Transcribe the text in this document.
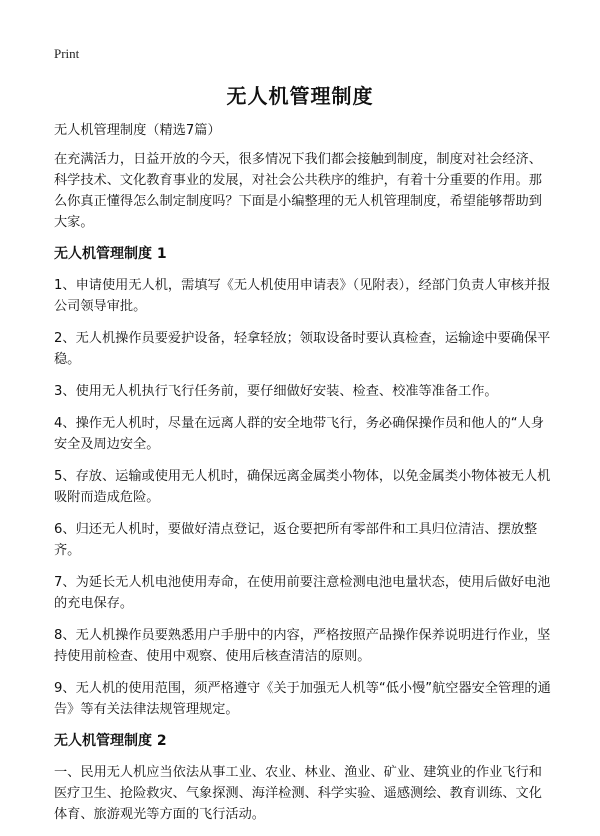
Print
无人机管理制度

无人机管理制度（精选7篇）

在充满活力，日益开放的今天，很多情况下我们都会接触到制度，制度对社会经济、科学技术、文化教育事业的发展，对社会公共秩序的维护，有着十分重要的作用。那么你真正懂得怎么制定制度吗？下面是小编整理的无人机管理制度，希望能够帮助到大家。

无人机管理制度 1

1、申请使用无人机，需填写《无人机使用申请表》（见附表），经部门负责人审核并报公司领导审批。

2、无人机操作员要爱护设备，轻拿轻放；领取设备时要认真检查，运输途中要确保平稳。

3、使用无人机执行飞行任务前，要仔细做好安装、检查、校准等准备工作。

4、操作无人机时，尽量在远离人群的安全地带飞行，务必确保操作员和他人的“人身安全及周边安全。

5、存放、运输或使用无人机时，确保远离金属类小物体，以免金属类小物体被无人机吸附而造成危险。

6、归还无人机时，要做好清点登记，返仓要把所有零部件和工具归位清洁、摆放整齐。

7、为延长无人机电池使用寿命，在使用前要注意检测电池电量状态，使用后做好电池的充电保存。

8、无人机操作员要熟悉用户手册中的内容，严格按照产品操作保养说明进行作业，坚持使用前检查、使用中观察、使用后核查清洁的原则。

9、无人机的使用范围，须严格遵守《关于加强无人机等“低小慢”航空器安全管理的通告》等有关法律法规管理规定。

无人机管理制度 2

一、民用无人机应当依法从事工业、农业、林业、渔业、矿业、建筑业的作业飞行和医疗卫生、抢险救灾、气象探测、海洋检测、科学实验、遥感测绘、教育训练、文化体育、旅游观光等方面的飞行活动。
